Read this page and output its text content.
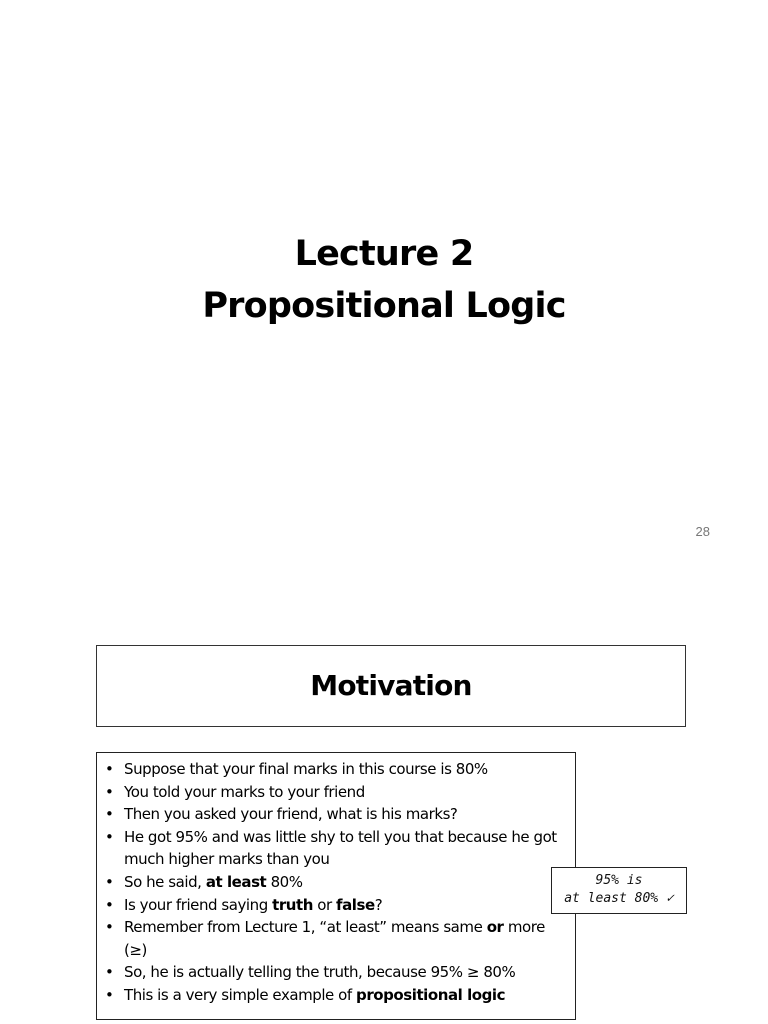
Lecture 2
Propositional Logic
28
Motivation
• Suppose that your final marks in this course is 80%
• You told your marks to your friend
• Then you asked your friend, what is his marks?
• He got 95% and was little shy to tell you that because he got much higher marks than you
• So he said, at least 80%
• Is your friend saying truth or false?
• Remember from Lecture 1, “at least” means same or more (≥)
• So, he is actually telling the truth, because 95% ≥ 80%
• This is a very simple example of propositional logic
95% is
at least 80% ✓
